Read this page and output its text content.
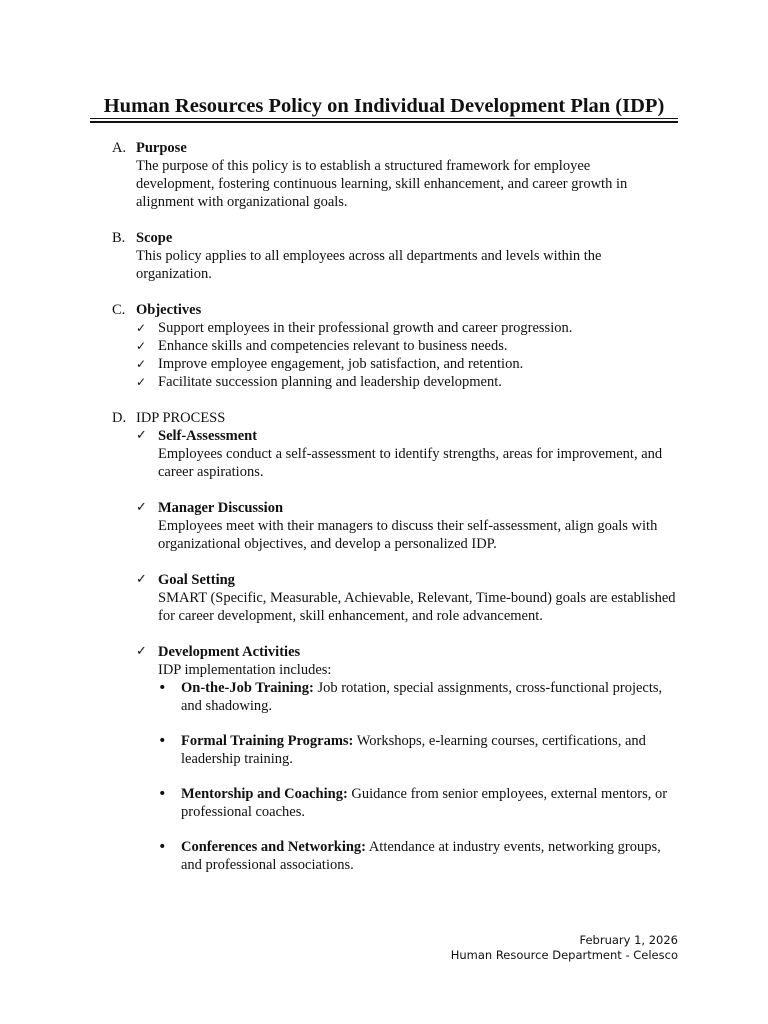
Human Resources Policy on Individual Development Plan (IDP)
A. Purpose
The purpose of this policy is to establish a structured framework for employee development, fostering continuous learning, skill enhancement, and career growth in alignment with organizational goals.
B. Scope
This policy applies to all employees across all departments and levels within the organization.
C. Objectives
✓ Support employees in their professional growth and career progression.
✓ Enhance skills and competencies relevant to business needs.
✓ Improve employee engagement, job satisfaction, and retention.
✓ Facilitate succession planning and leadership development.
D. IDP PROCESS
✓ Self-Assessment
Employees conduct a self-assessment to identify strengths, areas for improvement, and career aspirations.
✓ Manager Discussion
Employees meet with their managers to discuss their self-assessment, align goals with organizational objectives, and develop a personalized IDP.
✓ Goal Setting
SMART (Specific, Measurable, Achievable, Relevant, Time-bound) goals are established for career development, skill enhancement, and role advancement.
✓ Development Activities
IDP implementation includes:
• On-the-Job Training: Job rotation, special assignments, cross-functional projects, and shadowing.
• Formal Training Programs: Workshops, e-learning courses, certifications, and leadership training.
• Mentorship and Coaching: Guidance from senior employees, external mentors, or professional coaches.
• Conferences and Networking: Attendance at industry events, networking groups, and professional associations.
February 1, 2026
Human Resource Department - Celesco
